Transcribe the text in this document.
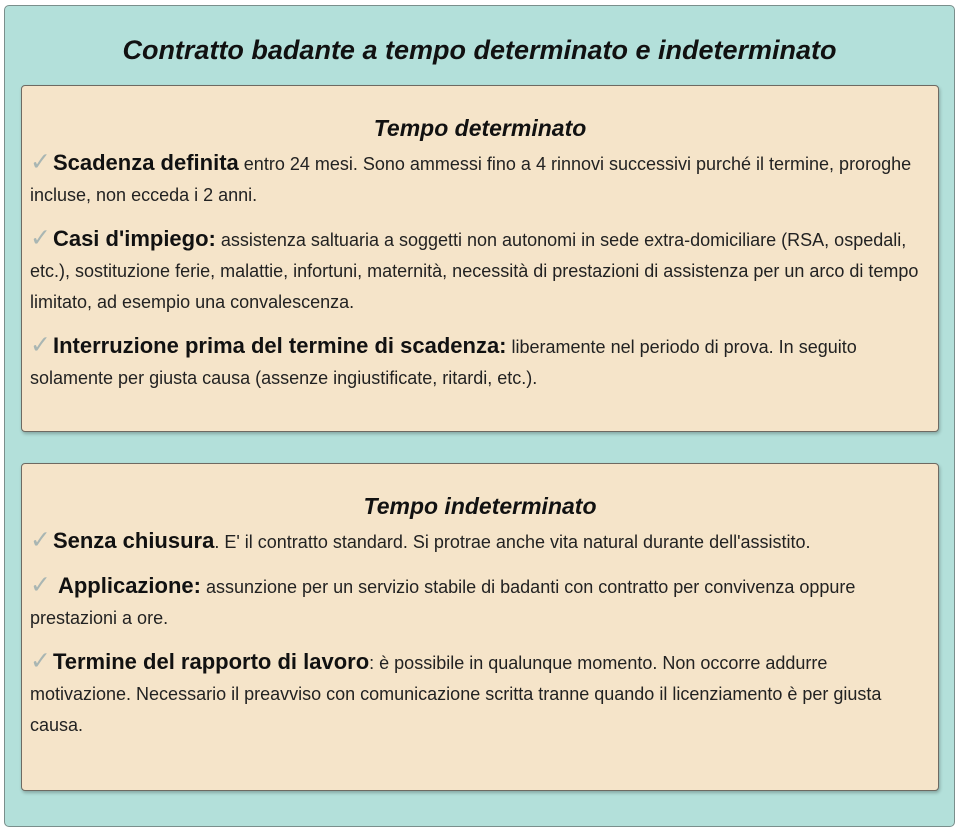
Contratto badante a tempo determinato e indeterminato
Tempo determinato

✓Scadenza definita entro 24 mesi. Sono ammessi fino a 4 rinnovi successivi purché il termine, proroghe incluse, non ecceda i 2 anni.

✓Casi d'impiego: assistenza saltuaria a soggetti non autonomi in sede extra-domiciliare (RSA, ospedali, etc.), sostituzione ferie, malattie, infortuni, maternità, necessità di prestazioni di assistenza per un arco di tempo limitato, ad esempio una convalescenza.

✓Interruzione prima del termine di scadenza: liberamente nel periodo di prova. In seguito solamente per giusta causa (assenze ingiustificate, ritardi, etc.).

Tempo indeterminato

✓Senza chiusura. E' il contratto standard. Si protrae anche vita natural durante dell'assistito.

✓ Applicazione: assunzione per un servizio stabile di badanti con contratto per convivenza oppure prestazioni a ore.

✓Termine del rapporto di lavoro: è possibile in qualunque momento. Non occorre addurre motivazione. Necessario il preavviso con comunicazione scritta tranne quando il licenziamento è per giusta causa.
